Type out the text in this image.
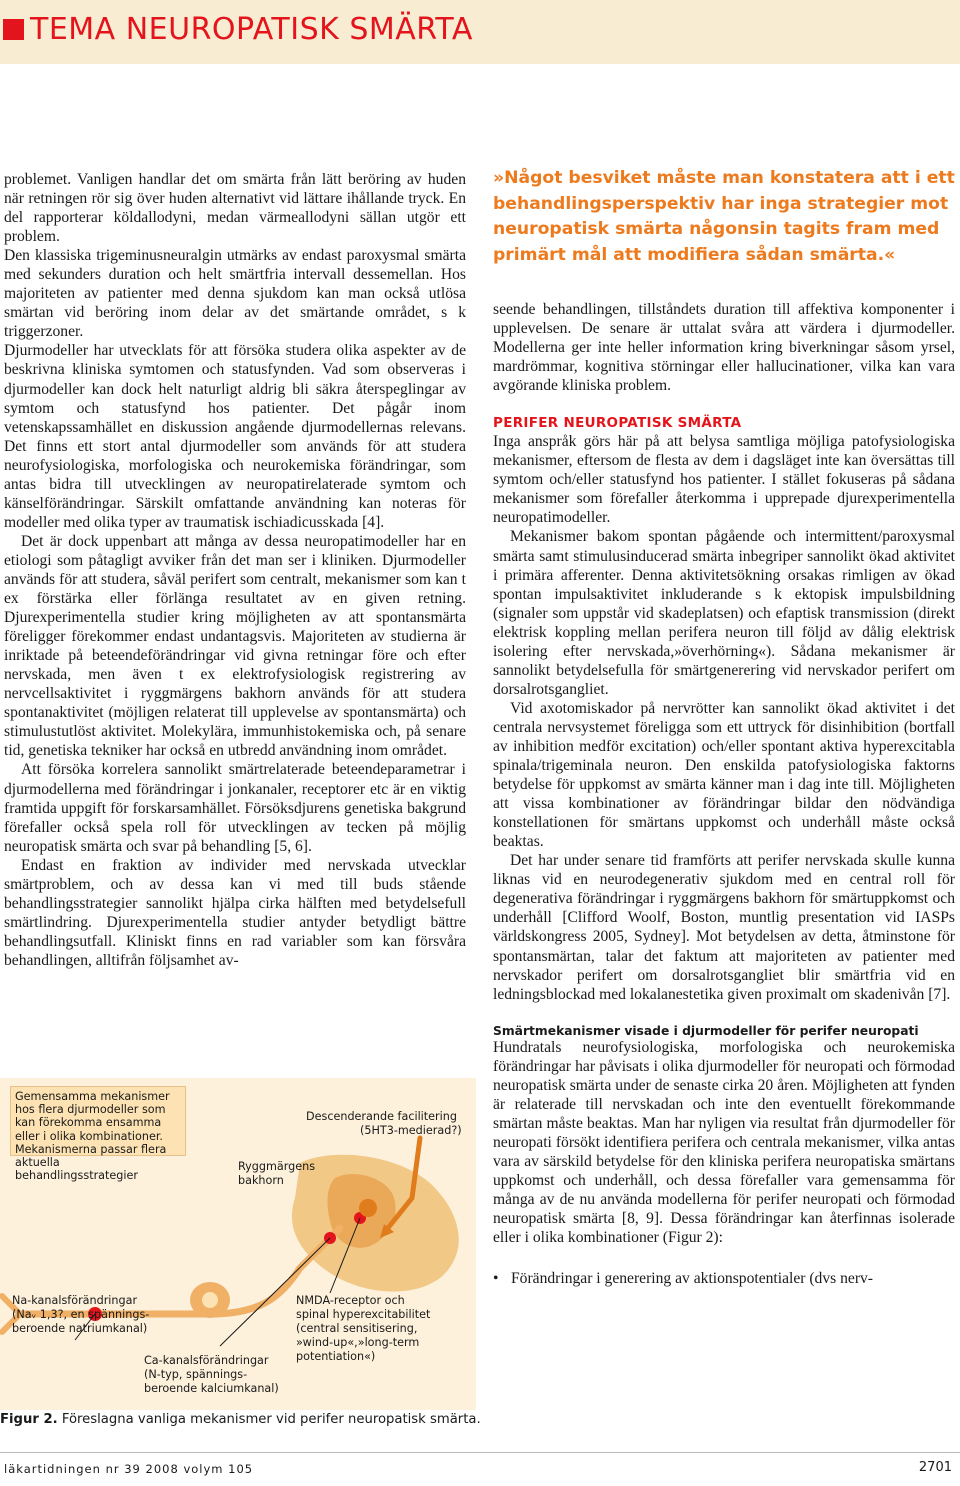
TEMA NEUROPATISK SMÄRTA

problemet. Vanligen handlar det om smärta från lätt beröring av huden när retningen rör sig över huden alternativt vid lättare ihållande tryck. En del rapporterar köldallodyni, medan värmeallodyni sällan utgör ett problem.

Den klassiska trigeminusneuralgin utmärks av endast paroxysmal smärta med sekunders duration och helt smärtfria intervall dessemellan. Hos majoriteten av patienter med denna sjukdom kan man också utlösa smärtan vid beröring inom delar av det smärtande området, s k triggerzoner.

Djurmodeller har utvecklats för att försöka studera olika aspekter av de beskrivna kliniska symtomen och statusfynden. Vad som observeras i djurmodeller kan dock helt naturligt aldrig bli säkra återspeglingar av symtom och statusfynd hos patienter. Det pågår inom vetenskapssamhället en diskussion angående djurmodellernas relevans. Det finns ett stort antal djurmodeller som används för att studera neurofysiologiska, morfologiska och neurokemiska förändringar, som antas bidra till utvecklingen av neuropatirelaterade symtom och känselförändringar. Särskilt omfattande användning kan noteras för modeller med olika typer av traumatisk ischiadicusskada [4].

Det är dock uppenbart att många av dessa neuropatimodeller har en etiologi som påtagligt avviker från det man ser i kliniken. Djurmodeller används för att studera, såväl perifert som centralt, mekanismer som kan t ex förstärka eller förlänga resultatet av en given retning. Djurexperimentella studier kring möjligheten av att spontansmärta föreligger förekommer endast undantagsvis. Majoriteten av studierna är inriktade på beteendeförändringar vid givna retningar före och efter nervskada, men även t ex elektrofysiologisk registrering av nervcellsaktivitet i ryggmärgens bakhorn används för att studera spontanaktivitet (möjligen relaterat till upplevelse av spontansmärta) och stimulustutlöst aktivitet. Molekylära, immunhistokemiska och, på senare tid, genetiska tekniker har också en utbredd användning inom området.

Att försöka korrelera sannolikt smärtrelaterade beteendeparametrar i djurmodellerna med förändringar i jonkanaler, receptorer etc är en viktig framtida uppgift för forskarsamhället. Försöksdjurens genetiska bakgrund förefaller också spela roll för utvecklingen av tecken på möjlig neuropatisk smärta och svar på behandling [5, 6].

Endast en fraktion av individer med nervskada utvecklar smärtproblem, och av dessa kan vi med till buds stående behandlingsstrategier sannolikt hjälpa cirka hälften med betydelsefull smärtlindring. Djurexperimentella studier antyder betydligt bättre behandlingsutfall. Kliniskt finns en rad variabler som kan försvåra behandlingen, alltifrån följsamhet av-

»Något besviket måste man konstatera att i ett behandlingsperspektiv har inga strategier mot neuropatisk smärta någonsin tagits fram med primärt mål att modifiera sådan smärta.«

seende behandlingen, tillståndets duration till affektiva komponenter i upplevelsen. De senare är uttalat svåra att värdera i djurmodeller. Modellerna ger inte heller information kring biverkningar såsom yrsel, mardrömmar, kognitiva störningar eller hallucinationer, vilka kan vara avgörande kliniska problem.

PERIFER NEUROPATISK SMÄRTA

Inga anspråk görs här på att belysa samtliga möjliga patofysiologiska mekanismer, eftersom de flesta av dem i dagsläget inte kan översättas till symtom och/eller statusfynd hos patienter. I stället fokuseras på sådana mekanismer som förefaller återkomma i upprepade djurexperimentella neuropatimodeller.

Mekanismer bakom spontan pågående och intermittent/paroxysmal smärta samt stimulusinducerad smärta inbegriper sannolikt ökad aktivitet i primära afferenter. Denna aktivitetsökning orsakas rimligen av ökad spontan impulsaktivitet inkluderande s k ektopisk impulsbildning (signaler som uppstår vid skadeplatsen) och efaptisk transmission (direkt elektrisk koppling mellan perifera neuron till följd av dålig elektrisk isolering efter nervskada,»överhörning«). Sådana mekanismer är sannolikt betydelsefulla för smärtgenerering vid nervskador perifert om dorsalrotsgangliet.

Vid axotomiskador på nervrötter kan sannolikt ökad aktivitet i det centrala nervsystemet föreligga som ett uttryck för disinhibition (bortfall av inhibition medför excitation) och/eller spontant aktiva hyperexcitabla spinala/trigeminala neuron. Den enskilda patofysiologiska faktorns betydelse för uppkomst av smärta känner man i dag inte till. Möjligheten att vissa kombinationer av förändringar bildar den nödvändiga konstellationen för smärtans uppkomst och underhåll måste också beaktas.

Det har under senare tid framförts att perifer nervskada skulle kunna liknas vid en neurodegenerativ sjukdom med en central roll för degenerativa förändringar i ryggmärgens bakhorn för smärtuppkomst och underhåll [Clifford Woolf, Boston, muntlig presentation vid IASPs världskongress 2005, Sydney]. Mot betydelsen av detta, åtminstone för spontansmärtan, talar det faktum att majoriteten av patienter med nervskador perifert om dorsalrotsgangliet blir smärtfria vid en ledningsblockad med lokalanestetika given proximalt om skadenivån [7].

Smärtmekanismer visade i djurmodeller för perifer neuropati

Hundratals neurofysiologiska, morfologiska och neurokemiska förändringar har påvisats i olika djurmodeller för neuropati och förmodad neuropatisk smärta under de senaste cirka 20 åren. Möjligheten att fynden är relaterade till nervskadan och inte den eventuellt förekommande smärtan måste beaktas. Man har nyligen via resultat från djurmodeller för neuropati försökt identifiera perifera och centrala mekanismer, vilka antas vara av särskild betydelse för den kliniska perifera neuropatiska smärtans uppkomst och underhåll, och dessa förefaller vara gemensamma för många av de nu använda modellerna för perifer neuropati och förmodad neuropatisk smärta [8, 9]. Dessa förändringar kan återfinnas isolerade eller i olika kombinationer (Figur 2):

• Förändringar i generering av aktionspotentialer (dvs nerv-
Gemensamma mekanismer hos flera djurmodeller som kan förekomma ensamma eller i olika kombinationer. Mekanismerna passar flera aktuella behandlingsstrategier
Descenderande facilitering
(5HT3-medierad?)
Ryggmärgens
bakhorn
Na-kanalsförändringar
(Naᵥ 1,3?, en spännings-
beroende natriumkanal)
Ca-kanalsförändringar
(N-typ, spännings-
beroende kalciumkanal)
NMDA-receptor och
spinal hyperexcitabilitet
(central sensitisering,
»wind-up«,»long-term
potentiation«)
Figur 2. Föreslagna vanliga mekanismer vid perifer neuropatisk smärta.
läkartidningen nr 39 2008 volym 105	2701
